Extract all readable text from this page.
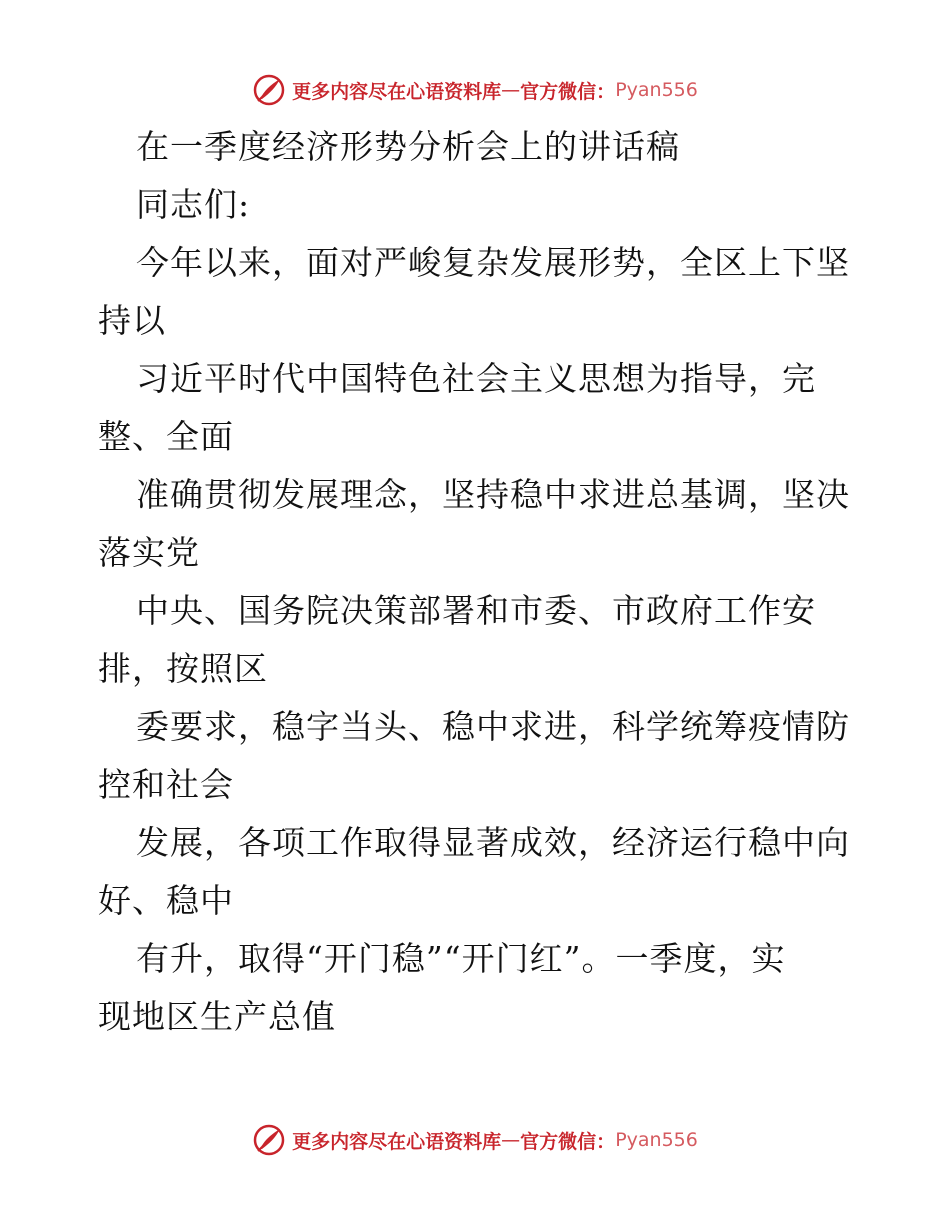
更多内容尽在心语资料库 — 官方微信： Pyan556
在一季度经济形势分析会上的讲话稿
同志们:
今年以来，面对严峻复杂发展形势，全区上下坚
持以
习近平时代中国特色社会主义思想为指导，完
整、全面
准确贯彻发展理念，坚持稳中求进总基调，坚决
落实党
中央、国务院决策部署和市委、市政府工作安
排，按照区
委要求，稳字当头、稳中求进，科学统筹疫情防
控和社会
发展，各项工作取得显著成效，经济运行稳中向
好、稳中
有升，取得“开门稳”“开门红”。一季度，实
现地区生产总值
更多内容尽在心语资料库 — 官方微信： Pyan556
